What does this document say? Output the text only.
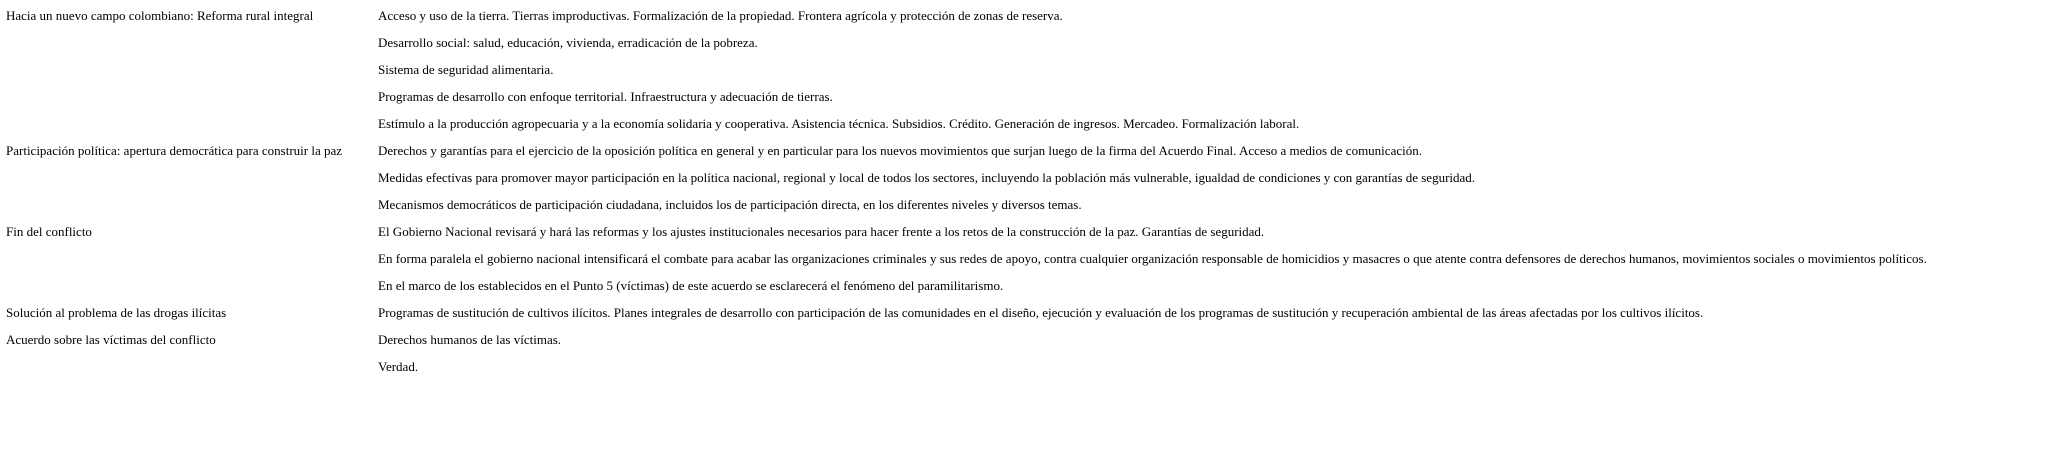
Hacia un nuevo campo colombiano: Reforma rural integral	Acceso y uso de la tierra. Tierras improductivas. Formalización de la propiedad. Frontera agrícola y protección de zonas de reserva.
	Desarrollo social: salud, educación, vivienda, erradicación de la pobreza.
	Sistema de seguridad alimentaria.
	Programas de desarrollo con enfoque territorial. Infraestructura y adecuación de tierras.
	Estímulo a la producción agropecuaria y a la economía solidaria y cooperativa. Asistencia técnica. Subsidios. Crédito. Generación de ingresos. Mercadeo. Formalización laboral.
Participación política: apertura democrática para construir la paz	Derechos y garantías para el ejercicio de la oposición política en general y en particular para los nuevos movimientos que surjan luego de la firma del Acuerdo Final. Acceso a medios de comunicación.
	Medidas efectivas para promover mayor participación en la política nacional, regional y local de todos los sectores, incluyendo la población más vulnerable, igualdad de condiciones y con garantías de seguridad.
	Mecanismos democráticos de participación ciudadana, incluidos los de participación directa, en los diferentes niveles y diversos temas.
Fin del conflicto	El Gobierno Nacional revisará y hará las reformas y los ajustes institucionales necesarios para hacer frente a los retos de la construcción de la paz. Garantías de seguridad.
	En forma paralela el gobierno nacional intensificará el combate para acabar las organizaciones criminales y sus redes de apoyo, contra cualquier organización responsable de homicidios y masacres o que atente contra defensores de derechos humanos, movimientos sociales o movimientos políticos.
	En el marco de los establecidos en el Punto 5 (víctimas) de este acuerdo se esclarecerá el fenómeno del paramilitarismo.
Solución al problema de las drogas ilícitas	Programas de sustitución de cultivos ilícitos. Planes integrales de desarrollo con participación de las comunidades en el diseño, ejecución y evaluación de los programas de sustitución y recuperación ambiental de las áreas afectadas por los cultivos ilícitos.
Acuerdo sobre las víctimas del conflicto	Derechos humanos de las víctimas.
	Verdad.
